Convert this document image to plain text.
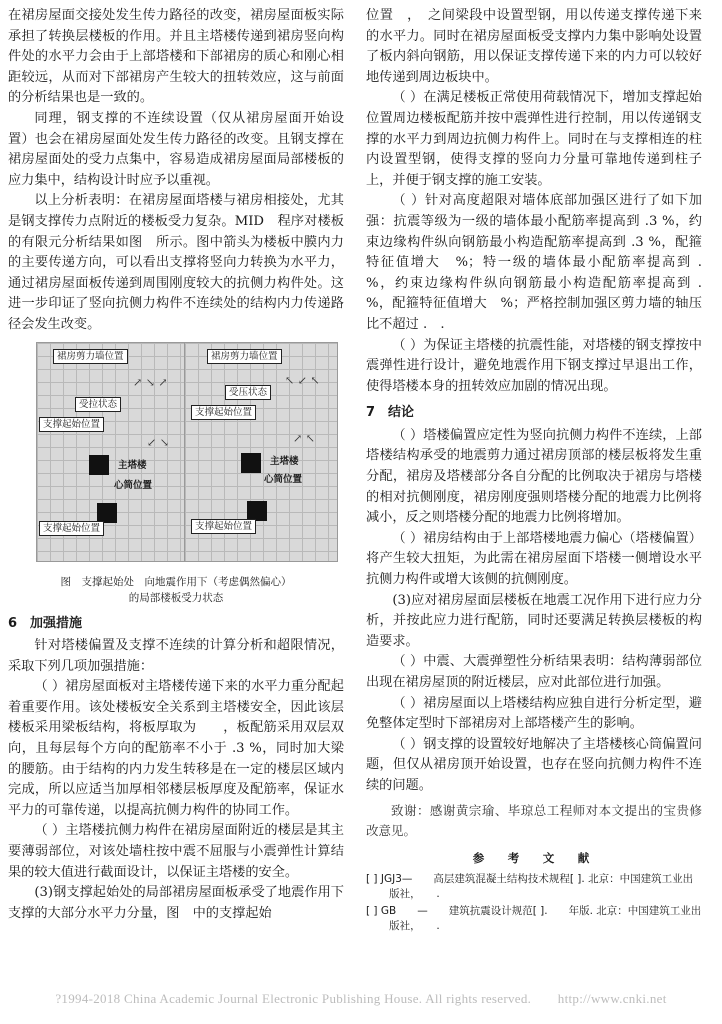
在裙房屋面交接处发生传力路径的改变，裙房屋面板实际承担了转换层楼板的作用。并且主塔楼传递到裙房竖向构件处的水平力会由于上部塔楼和下部裙房的质心和刚心相距较远，从而对下部裙房产生较大的扭转效应，这与前面的分析结果也是一致的。

同理，钢支撑的不连续设置（仅从裙房屋面开始设置）也会在裙房屋面处发生传力路径的改变。且钢支撑在裙房屋面处的受力点集中，容易造成裙房屋面局部楼板的应力集中，结构设计时应予以重视。

以上分析表明：在裙房屋面塔楼与裙房相接处，尤其是钢支撑传力点附近的楼板受力复杂。MID　程序对楼板的有限元分析结果如图　所示。图中箭头为楼板中膜内力的主要传递方向，可以看出支撑将竖向力转换为水平力，通过裙房屋面板传递到周围刚度较大的抗侧力构件处。这进一步印证了竖向抗侧力构件不连续处的结构内力传递路径会发生改变。

裙房剪力墙位置
受拉状态
支撑起始位置
主塔楼
心筒位置
支撑起始位置
↗ ↘ ↗
↙ ↘
裙房剪力墙位置
受压状态
支撑起始位置
主塔楼
心筒位置
支撑起始位置
↖ ↙ ↖
↗ ↖
图　支撑起始处　向地震作用下（考虑偶然偏心）
的局部楼板受力状态
6　加强措施

针对塔楼偏置及支撑不连续的计算分析和超限情况，采取下列几项加强措施：

（ ）裙房屋面板对主塔楼传递下来的水平力重分配起着重要作用。该处楼板安全关系到主塔楼安全，因此该层楼板采用梁板结构，将板厚取为　　，板配筋采用双层双向，且每层每个方向的配筋率不小于 .3 %，同时加大梁的腰筋。由于结构的内力发生转移是在一定的楼层区域内完成，所以应适当加厚相邻楼层板厚度及配筋率，保证水平力的可靠传递，以提高抗侧力构件的协同工作。

（ ）主塔楼抗侧力构件在裙房屋面附近的楼层是其主要薄弱部位，对该处墙柱按中震不屈服与小震弹性计算结果的较大值进行截面设计，以保证主塔楼的安全。

(3)钢支撑起始处的局部裙房屋面板承受了地震作用下支撑的大部分水平力分量，图　中的支撑起始

位置　，　之间梁段中设置型钢，用以传递支撑传递下来的水平力。同时在裙房屋面板受支撑内力集中影响处设置了板内斜向钢筋，用以保证支撑传递下来的内力可以较好地传递到周边板块中。

（ ）在满足楼板正常使用荷载情况下，增加支撑起始位置周边楼板配筋并按中震弹性进行控制，用以传递钢支撑的水平力到周边抗侧力构件上。同时在与支撑相连的柱内设置型钢，使得支撑的竖向力分量可靠地传递到柱子上，并便于钢支撑的施工安装。

（ ）针对高度超限对墙体底部加强区进行了如下加强：抗震等级为一级的墙体最小配筋率提高到 .3 %，约束边缘构件纵向钢筋最小构造配筋率提高到 .3 %，配箍特征值增大　%；特一级的墙体最小配筋率提高到 .　%，约束边缘构件纵向钢筋最小构造配筋率提高到 .　%，配箍特征值增大　%；严格控制加强区剪力墙的轴压比不超过 .　.

（ ）为保证主塔楼的抗震性能，对塔楼的钢支撑按中震弹性进行设计，避免地震作用下钢支撑过早退出工作，使得塔楼本身的扭转效应加剧的情况出现。

7　结论

（ ）塔楼偏置应定性为竖向抗侧力构件不连续，上部塔楼结构承受的地震剪力通过裙房顶部的楼层板将发生重分配，裙房及塔楼部分各自分配的比例取决于裙房与塔楼的相对抗侧刚度，裙房刚度强则塔楼分配的地震力比例将减小，反之则塔楼分配的地震力比例将增加。

（ ）裙房结构由于上部塔楼地震力偏心（塔楼偏置）将产生较大扭矩，为此需在裙房屋面下塔楼一侧增设水平抗侧力构件或增大该侧的抗侧刚度。

(3)应对裙房屋面层楼板在地震工况作用下进行应力分析，并按此应力进行配筋，同时还要满足转换层楼板的构造要求。

（ ）中震、大震弹塑性分析结果表明：结构薄弱部位出现在裙房屋顶的附近楼层，应对此部位进行加强。

（ ）裙房屋面以上塔楼结构应独自进行分析定型，避免整体定型时下部裙房对上部塔楼产生的影响。

（ ）钢支撑的设置较好地解决了主塔楼核心筒偏置问题，但仅从裙房顶开始设置，也存在竖向抗侧力构件不连续的问题。

致谢：感谢黄宗瑜、毕琼总工程师对本文提出的宝贵修改意见。

参　考　文　献

[ ] JGJ3—　　高层建筑混凝土结构技术规程[ ]. 北京：中国建筑工业出版社，　　.

[ ] GB　　—　　建筑抗震设计规范[ ].　　年版. 北京：中国建筑工业出版社，　　.

?1994-2018 China Academic Journal Electronic Publishing House. All rights reserved.　　http://www.cnki.net
